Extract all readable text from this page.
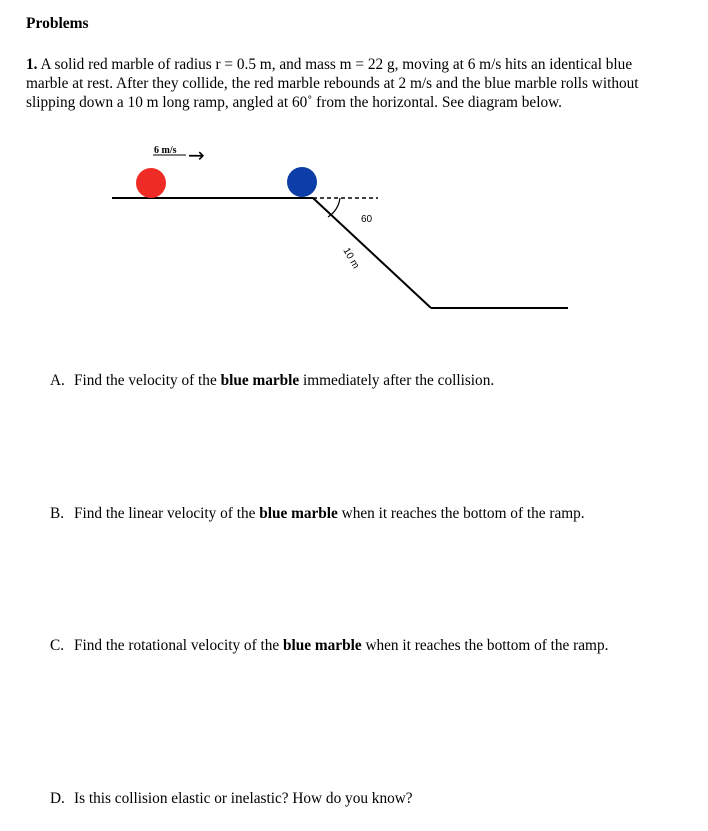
Problems

1. A solid red marble of radius r = 0.5 m, and mass m = 22 g, moving at 6 m/s hits an identical blue marble at rest. After they collide, the red marble rebounds at 2 m/s and the blue marble rolls without slipping down a 10 m long ramp, angled at 60˚ from the horizontal. See diagram below.

6 m/s →
60
10 m

A. Find the velocity of the blue marble immediately after the collision.

B. Find the linear velocity of the blue marble when it reaches the bottom of the ramp.

C. Find the rotational velocity of the blue marble when it reaches the bottom of the ramp.

D. Is this collision elastic or inelastic? How do you know?
